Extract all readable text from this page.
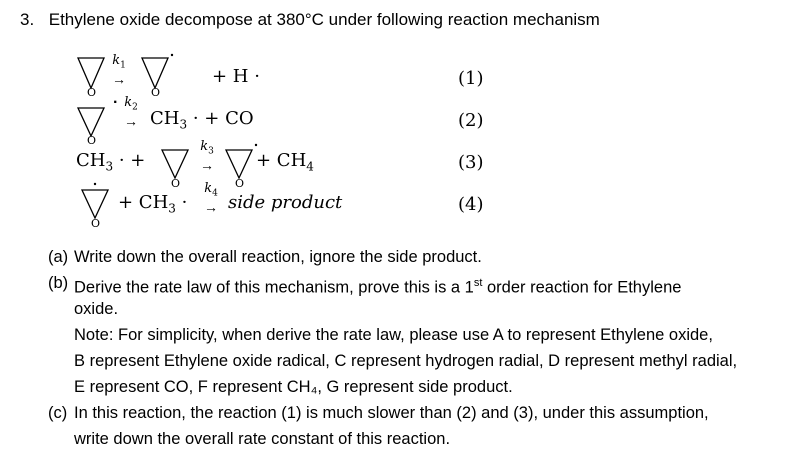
3. Ethylene oxide decompose at 380°C under following reaction mechanism
O
$k_1$
→
O
+ H ·	(1)
O
· $k_2$
→ $CH_3$ · + CO	(2)
$CH_3$ · +
O
$k_3$
→
O
+ $CH_4$	(3)
O
+ $CH_3$ ·
$k_4$
→ side product	(4)
(a) Write down the overall reaction, ignore the side product.
(b) Derive the rate law of this mechanism, prove this is a 1st order reaction for Ethylene
oxide.
Note: For simplicity, when derive the rate law, please use A to represent Ethylene oxide,
B represent Ethylene oxide radical, C represent hydrogen radial, D represent methyl radial,
E represent CO, F represent CH₄, G represent side product.
(c) In this reaction, the reaction (1) is much slower than (2) and (3), under this assumption,
write down the overall rate constant of this reaction.
